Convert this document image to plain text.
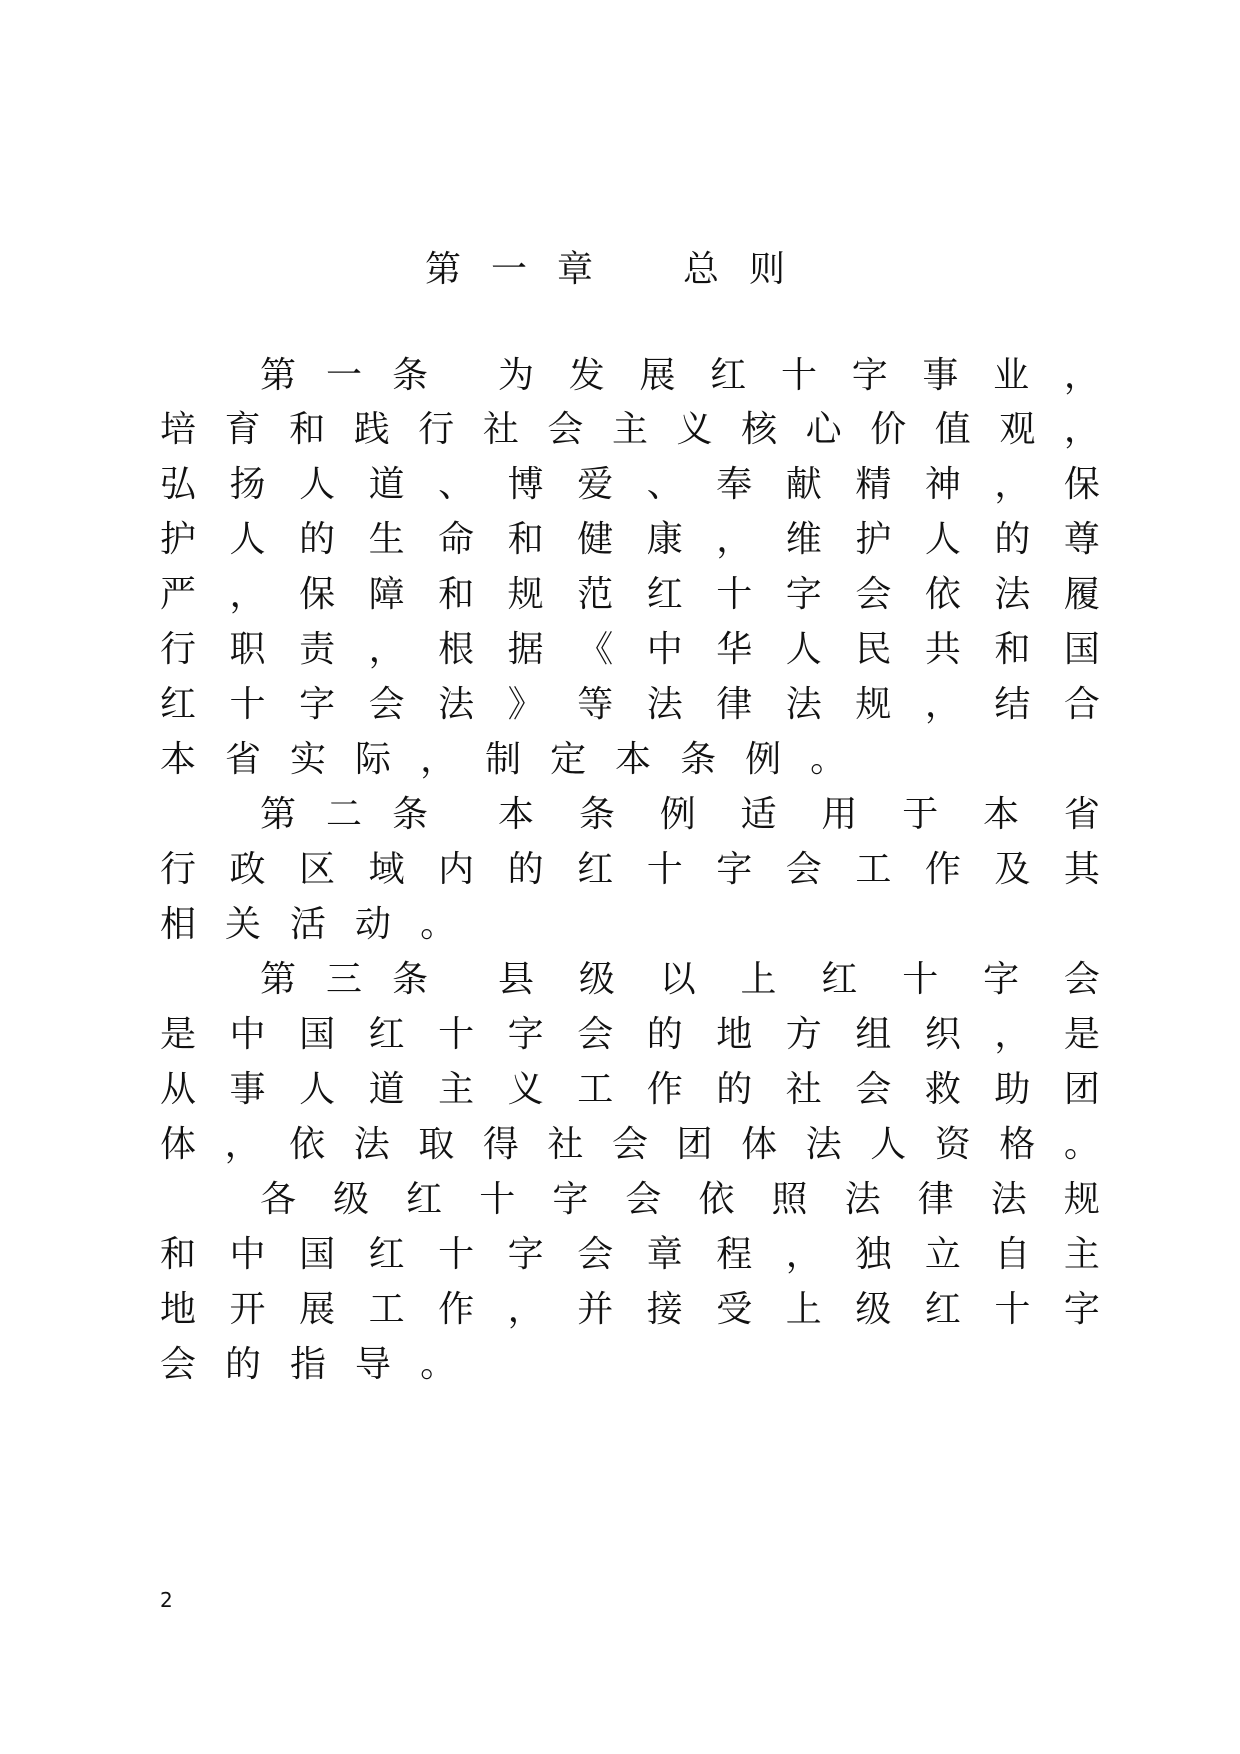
第一章 总则
第一条 为 发 展 红 十 字 事 业 ，
培 育 和 践 行 社 会 主 义 核 心 价 值 观 ，
弘 扬 人 道 、 博 爱 、 奉 献 精 神 ， 保
护 人 的 生 命 和 健 康 ， 维 护 人 的 尊
严 ， 保 障 和 规 范 红 十 字 会 依 法 履
行 职 责 ， 根 据 《 中 华 人 民 共 和 国
红 十 字 会 法 》 等 法 律 法 规 ， 结 合
本 省 实 际 ， 制 定 本 条 例 。
第二条 本 条 例 适 用 于 本 省
行 政 区 域 内 的 红 十 字 会 工 作 及 其
相 关 活 动 。
第三条 县 级 以 上 红 十 字 会
是 中 国 红 十 字 会 的 地 方 组 织 ， 是
从 事 人 道 主 义 工 作 的 社 会 救 助 团
体 ， 依 法 取 得 社 会 团 体 法 人 资 格 。
各 级 红 十 字 会 依 照 法 律 法 规
和 中 国 红 十 字 会 章 程 ， 独 立 自 主
地 开 展 工 作 ， 并 接 受 上 级 红 十 字
会 的 指 导 。
2
